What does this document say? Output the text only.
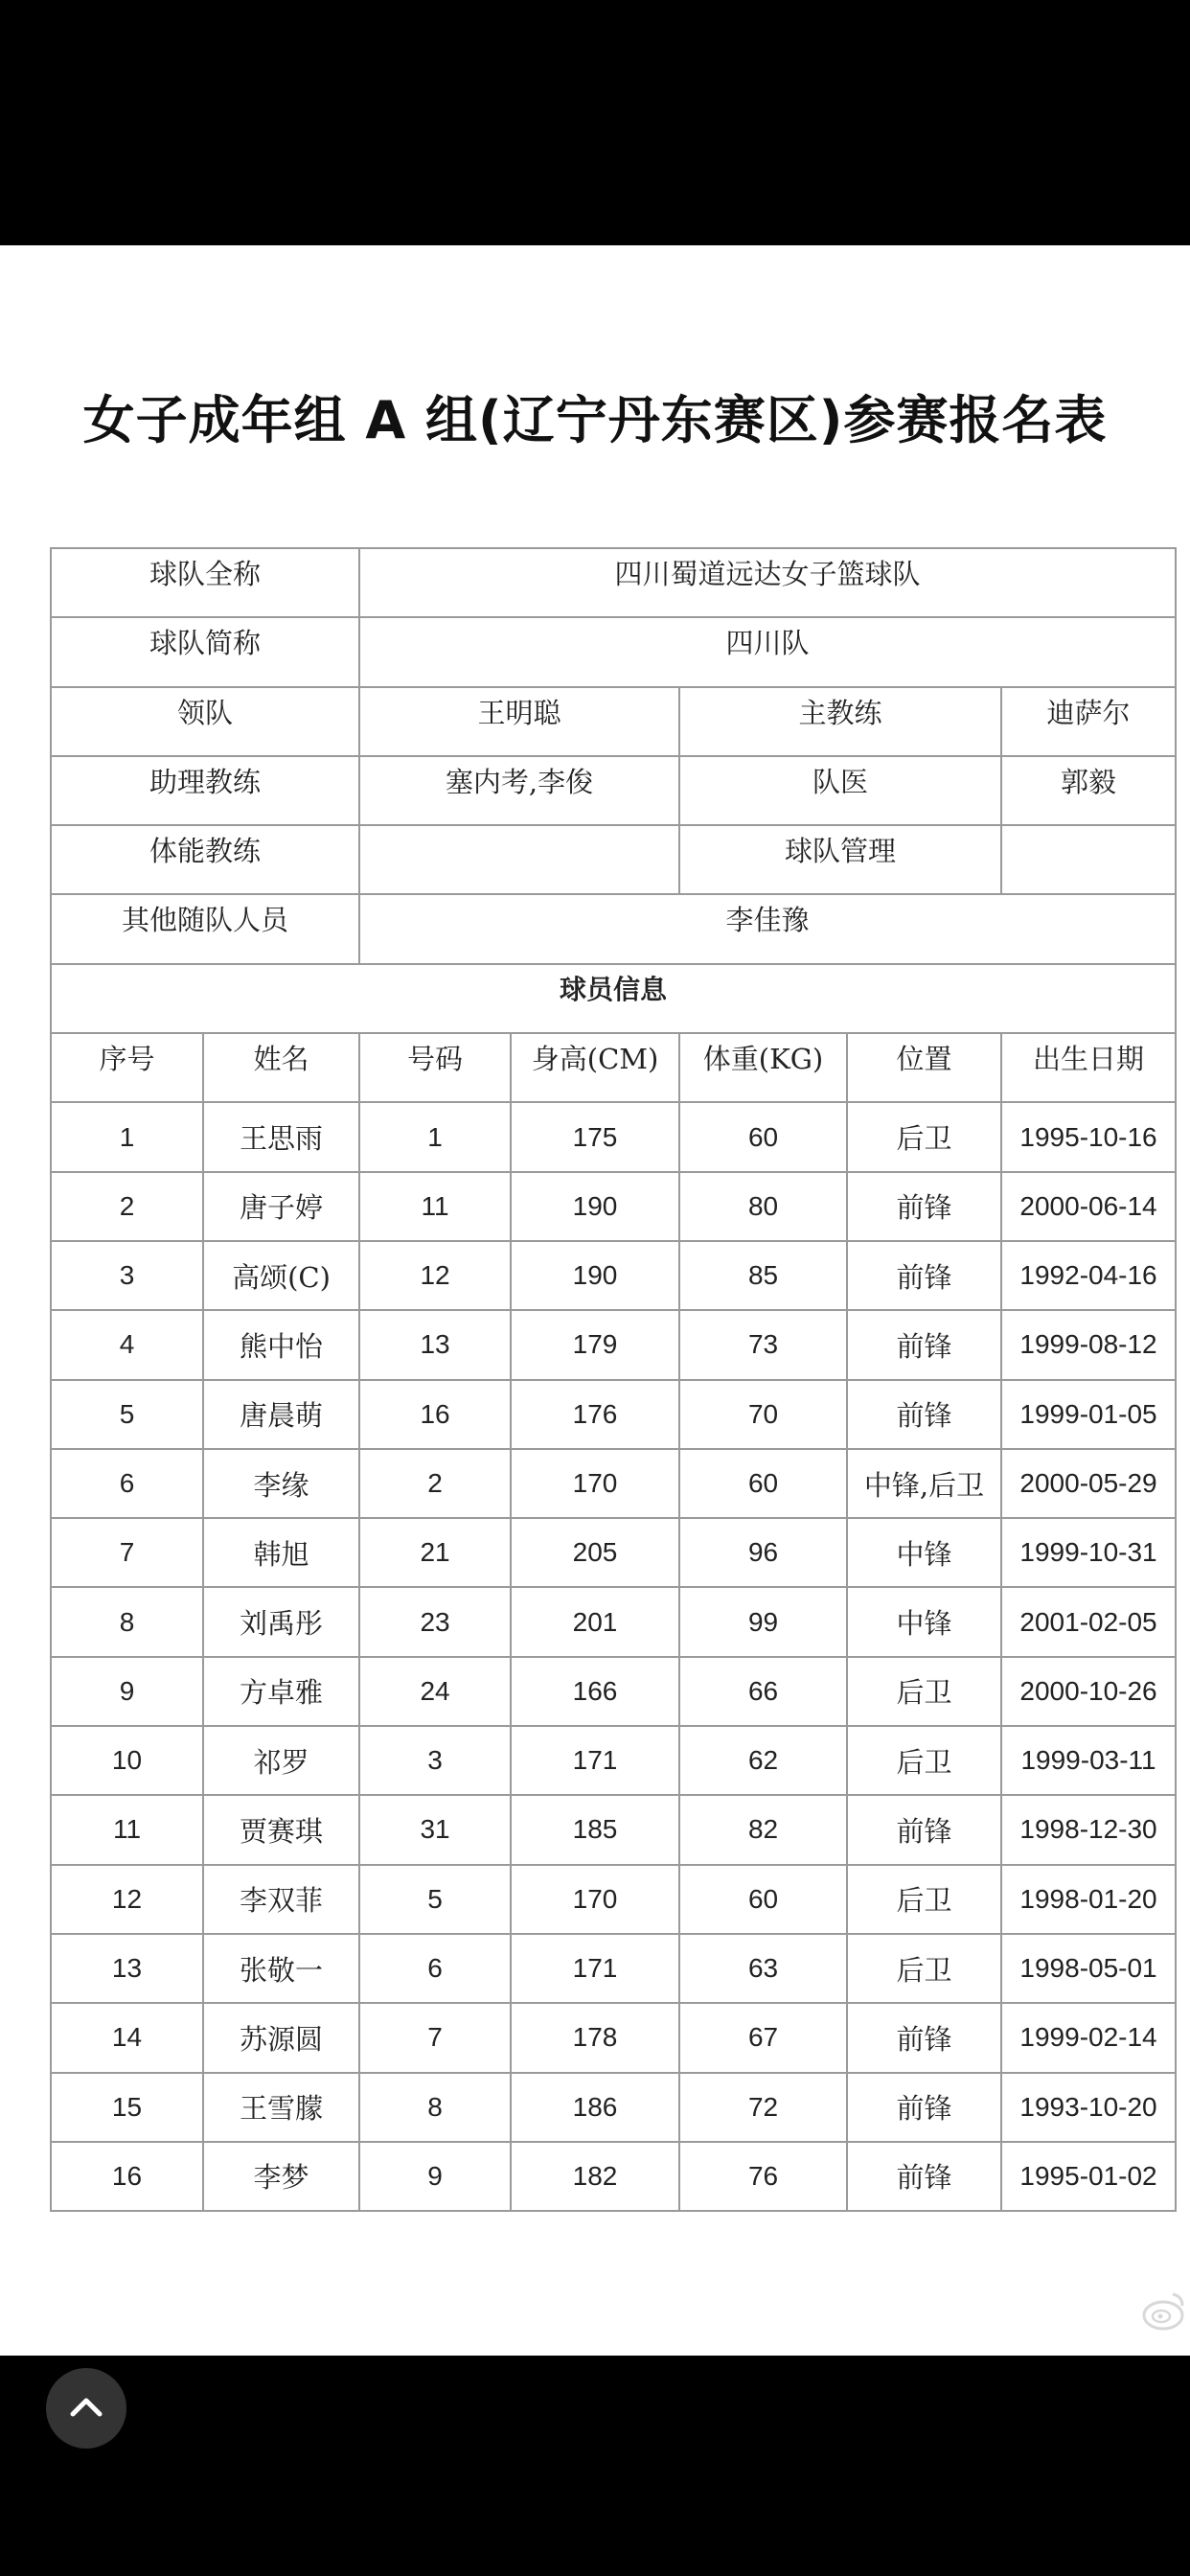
女子成年组 A 组(辽宁丹东赛区)参赛报名表
球队全称		四川蜀道远达女子篮球队				
球队简称		四川队				
领队		王明聪		主教练		迪萨尔
助理教练		塞内考,李俊		队医		郭毅
体能教练				球队管理		
其他随队人员		李佳豫				
球员信息						
序号	姓名	号码	身高(CM)	体重(KG)	位置	出生日期
1	王思雨	1	175	60	后卫	1995-10-16
2	唐子婷	11	190	80	前锋	2000-06-14
3	高颂(C)	12	190	85	前锋	1992-04-16
4	熊中怡	13	179	73	前锋	1999-08-12
5	唐晨萌	16	176	70	前锋	1999-01-05
6	李缘	2	170	60	中锋,后卫	2000-05-29
7	韩旭	21	205	96	中锋	1999-10-31
8	刘禹彤	23	201	99	中锋	2001-02-05
9	方卓雅	24	166	66	后卫	2000-10-26
10	祁罗	3	171	62	后卫	1999-03-11
11	贾赛琪	31	185	82	前锋	1998-12-30
12	李双菲	5	170	60	后卫	1998-01-20
13	张敬一	6	171	63	后卫	1998-05-01
14	苏源圆	7	178	67	前锋	1999-02-14
15	王雪朦	8	186	72	前锋	1993-10-20
16	李梦	9	182	76	前锋	1995-01-02
